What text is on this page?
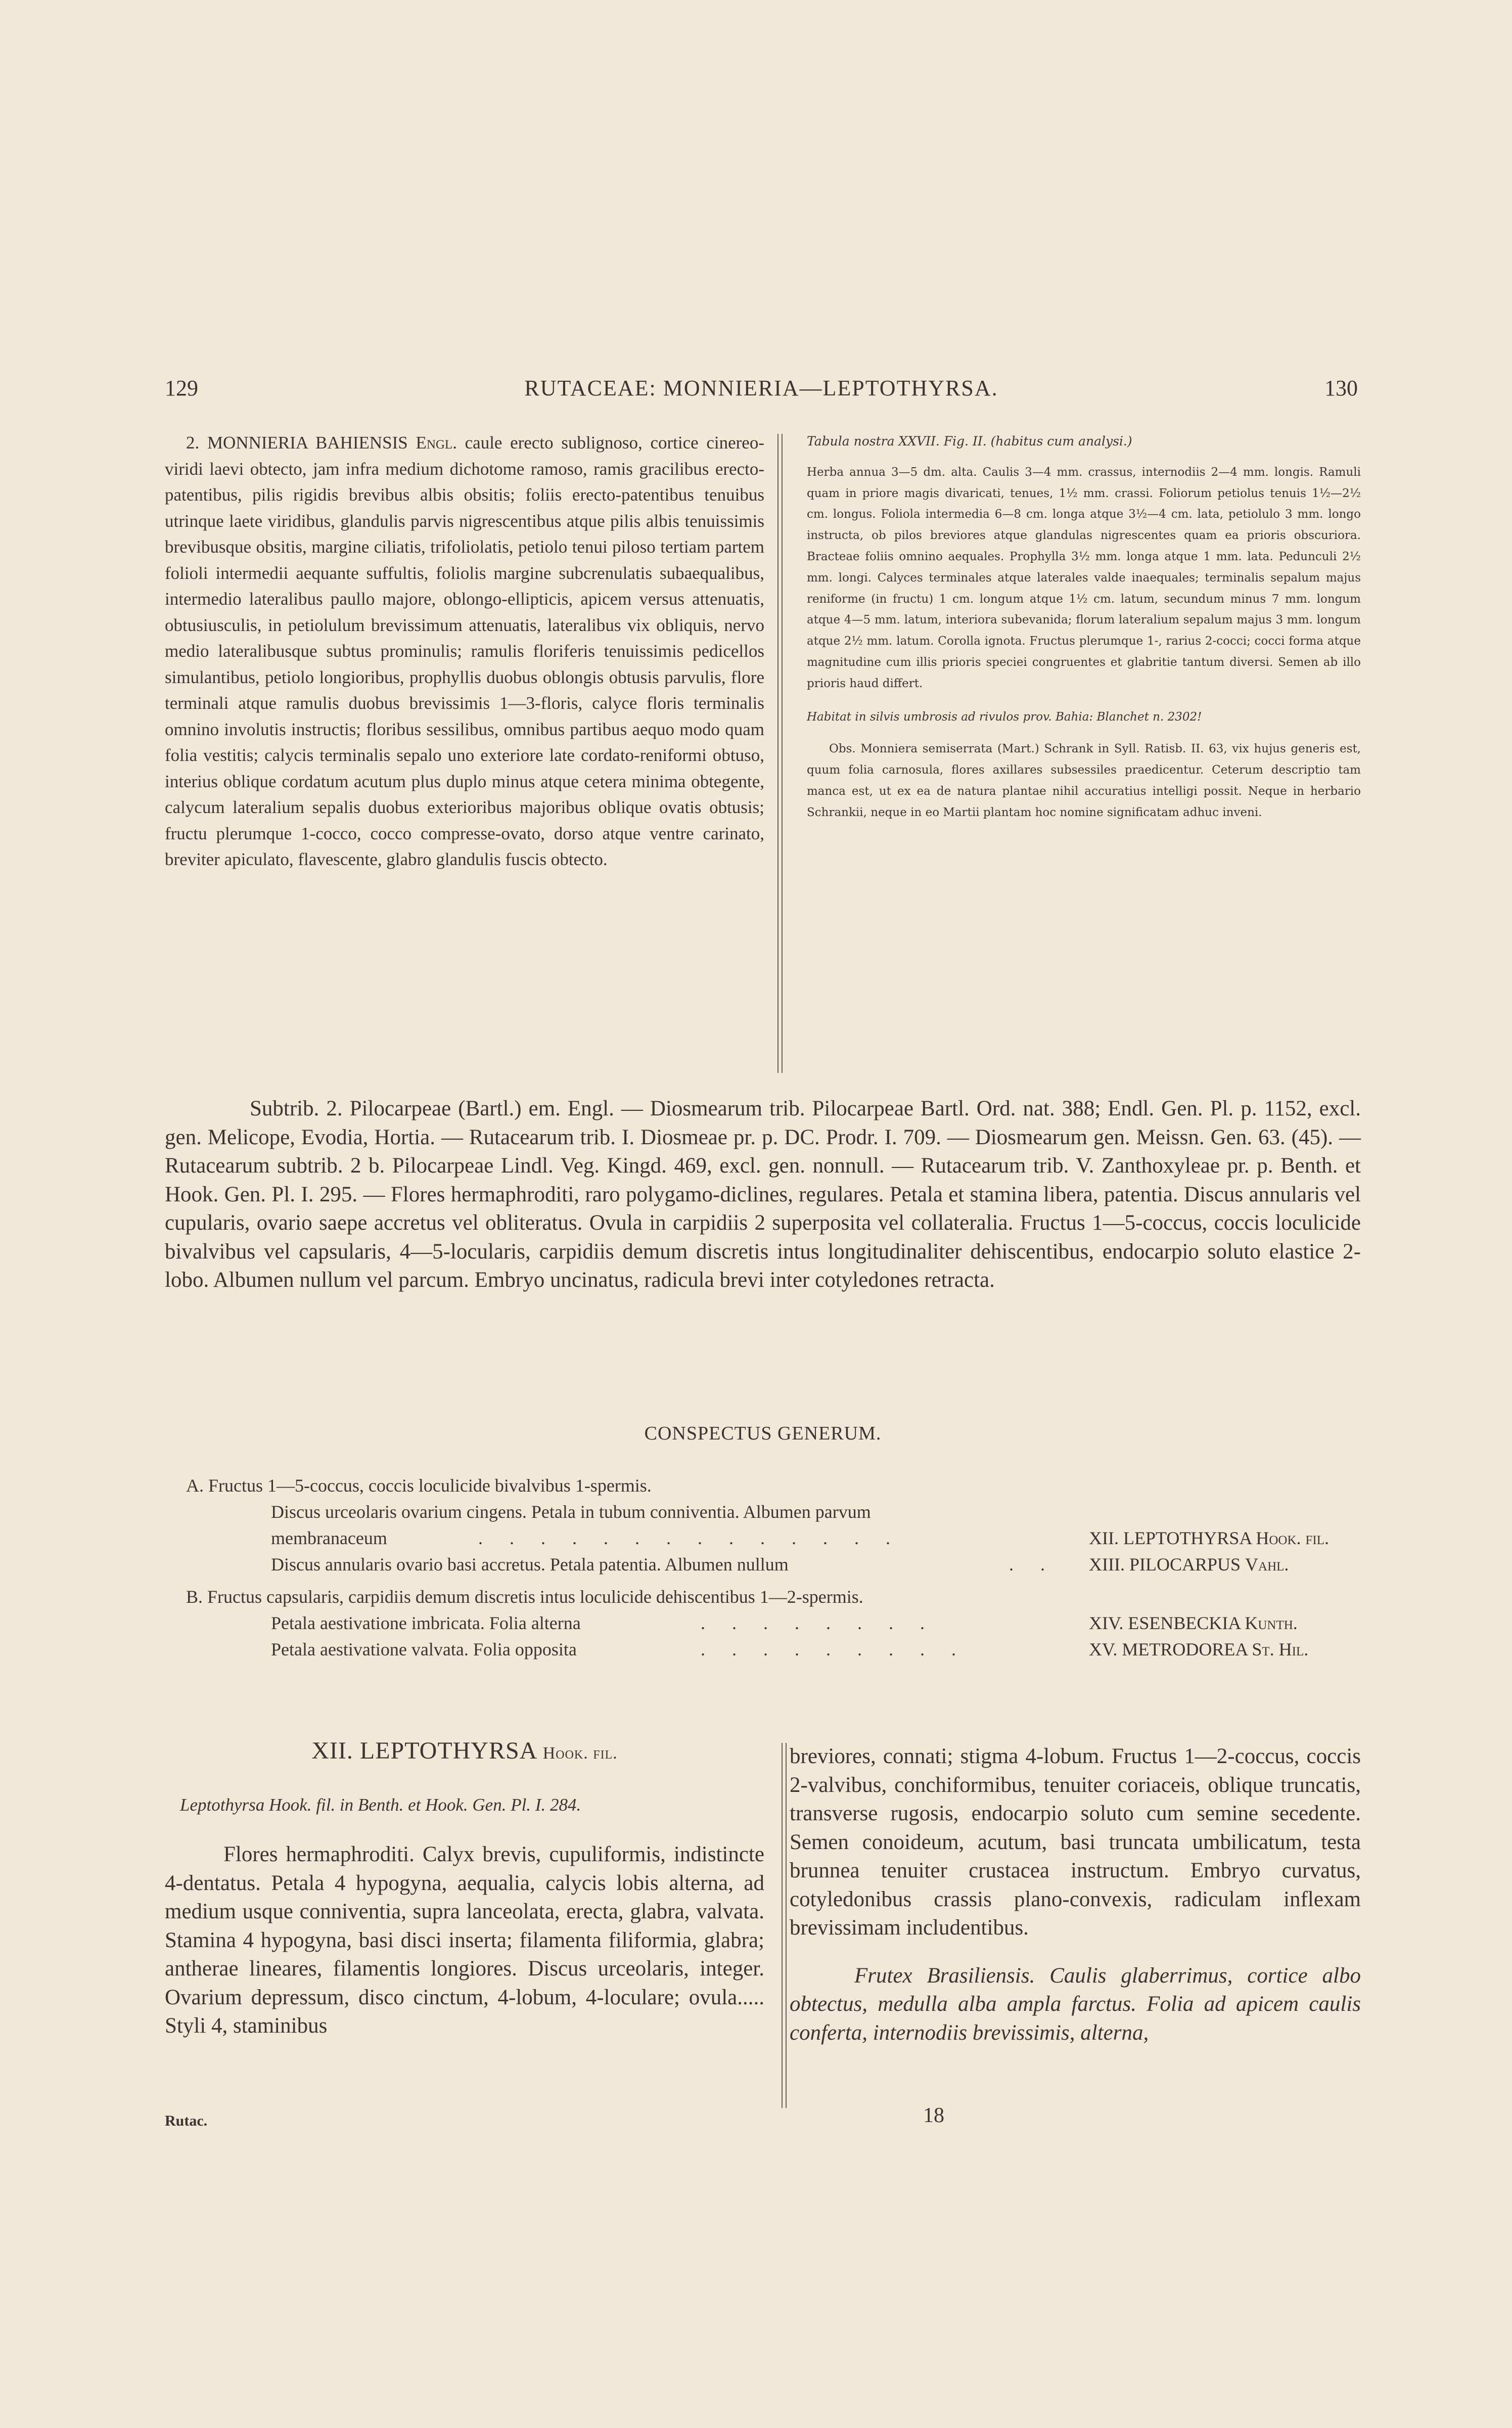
129	RUTACEAE: MONNIERIA—LEPTOTHYRSA.	130

2. MONNIERIA BAHIENSIS Engl. caule erecto sublignoso, cortice cinereo-viridi laevi obtecto, jam infra medium dichotome ramoso, ramis gracilibus erecto-patentibus, pilis rigidis brevibus albis obsitis; foliis erecto-patentibus tenuibus utrinque laete viridibus, glandulis parvis nigrescentibus atque pilis albis tenuissimis brevibusque obsitis, margine ciliatis, trifoliolatis, petiolo tenui piloso tertiam partem folioli intermedii aequante suffultis, foliolis margine subcrenulatis subaequalibus, intermedio lateralibus paullo majore, oblongo-ellipticis, apicem versus attenuatis, obtusiusculis, in petiolulum brevissimum attenuatis, lateralibus vix obliquis, nervo medio lateralibusque subtus prominulis; ramulis floriferis tenuissimis pedicellos simulantibus, petiolo longioribus, prophyllis duobus oblongis obtusis parvulis, flore terminali atque ramulis duobus brevissimis 1—3-floris, calyce floris terminalis omnino involutis instructis; floribus sessilibus, omnibus partibus aequo modo quam folia vestitis; calycis terminalis sepalo uno exteriore late cordato-reniformi obtuso, interius oblique cordatum acutum plus duplo minus atque cetera minima obtegente, calycum lateralium sepalis duobus exterioribus majoribus oblique ovatis obtusis; fructu plerumque 1-cocco, cocco compresse-ovato, dorso atque ventre carinato, breviter apiculato, flavescente, glabro glandulis fuscis obtecto.

Tabula nostra XXVII. Fig. II. (habitus cum analysi.)

Herba annua 3—5 dm. alta. Caulis 3—4 mm. crassus, internodiis 2—4 mm. longis. Ramuli quam in priore magis divaricati, tenues, 1½ mm. crassi. Foliorum petiolus tenuis 1½—2½ cm. longus. Foliola intermedia 6—8 cm. longa atque 3½—4 cm. lata, petiolulo 3 mm. longo instructa, ob pilos breviores atque glandulas nigrescentes quam ea prioris obscuriora. Bracteae foliis omnino aequales. Prophylla 3½ mm. longa atque 1 mm. lata. Pedunculi 2½ mm. longi. Calyces terminales atque laterales valde inaequales; terminalis sepalum majus reniforme (in fructu) 1 cm. longum atque 1½ cm. latum, secundum minus 7 mm. longum atque 4—5 mm. latum, interiora subevanida; florum lateralium sepalum majus 3 mm. longum atque 2½ mm. latum. Corolla ignota. Fructus plerumque 1-, rarius 2-cocci; cocci forma atque magnitudine cum illis prioris speciei congruentes et glabritie tantum diversi. Semen ab illo prioris haud differt.

Habitat in silvis umbrosis ad rivulos prov. Bahia: Blanchet n. 2302!

Obs. Monniera semiserrata (Mart.) Schrank in Syll. Ratisb. II. 63, vix hujus generis est, quum folia carnosula, flores axillares subsessiles praedicentur. Ceterum descriptio tam manca est, ut ex ea de natura plantae nihil accuratius intelligi possit. Neque in herbario Schrankii, neque in eo Martii plantam hoc nomine significatam adhuc inveni.

Subtrib. 2. Pilocarpeae (Bartl.) em. Engl. — Diosmearum trib. Pilocarpeae Bartl. Ord. nat. 388; Endl. Gen. Pl. p. 1152, excl. gen. Melicope, Evodia, Hortia. — Rutacearum trib. I. Diosmeae pr. p. DC. Prodr. I. 709. — Diosmearum gen. Meissn. Gen. 63. (45). — Rutacearum subtrib. 2 b. Pilocarpeae Lindl. Veg. Kingd. 469, excl. gen. nonnull. — Rutacearum trib. V. Zanthoxyleae pr. p. Benth. et Hook. Gen. Pl. I. 295. — Flores hermaphroditi, raro polygamo-diclines, regulares. Petala et stamina libera, patentia. Discus annularis vel cupularis, ovario saepe accretus vel obliteratus. Ovula in carpidiis 2 superposita vel collateralia. Fructus 1—5-coccus, coccis loculicide bivalvibus vel capsularis, 4—5-locularis, carpidiis demum discretis intus longitudinaliter dehiscentibus, endocarpio soluto elastice 2-lobo. Albumen nullum vel parcum. Embryo uncinatus, radicula brevi inter cotyledones retracta.

CONSPECTUS GENERUM.
A. Fructus 1—5-coccus, coccis loculicide bivalvibus 1-spermis.
Discus urceolaris ovarium cingens. Petala in tubum conniventia. Albumen parvum
membranaceum	. . . . . . . . . . . . . .	XII. LEPTOTHYRSA Hook. fil.
Discus annularis ovario basi accretus. Petala patentia. Albumen nullum	. . XIII. PILOCARPUS Vahl.
B. Fructus capsularis, carpidiis demum discretis intus loculicide dehiscentibus 1—2-spermis.
Petala aestivatione imbricata. Folia alterna	. . . . . . . .	XIV. ESENBECKIA Kunth.
Petala aestivatione valvata. Folia opposita	. . . . . . . . .	XV. METRODOREA St. Hil.
XII. LEPTOTHYRSA Hook. fil.
Leptothyrsa Hook. fil. in Benth. et Hook. Gen. Pl. I. 284.

Flores hermaphroditi. Calyx brevis, cupuliformis, indistincte 4-dentatus. Petala 4 hypogyna, aequalia, calycis lobis alterna, ad medium usque conniventia, supra lanceolata, erecta, glabra, valvata. Stamina 4 hypogyna, basi disci inserta; filamenta filiformia, glabra; antherae lineares, filamentis longiores. Discus urceolaris, integer. Ovarium depressum, disco cinctum, 4-lobum, 4-loculare; ovula..... Styli 4, staminibus

breviores, connati; stigma 4-lobum. Fructus 1—2-coccus, coccis 2-valvibus, conchiformibus, tenuiter coriaceis, oblique truncatis, transverse rugosis, endocarpio soluto cum semine secedente. Semen conoideum, acutum, basi truncata umbilicatum, testa brunnea tenuiter crustacea instructum. Embryo curvatus, cotyledonibus crassis plano-convexis, radiculam inflexam brevissimam includentibus.

Frutex Brasiliensis. Caulis glaberrimus, cortice albo obtectus, medulla alba ampla farctus. Folia ad apicem caulis conferta, internodiis brevissimis, alterna,

Rutac.	18
